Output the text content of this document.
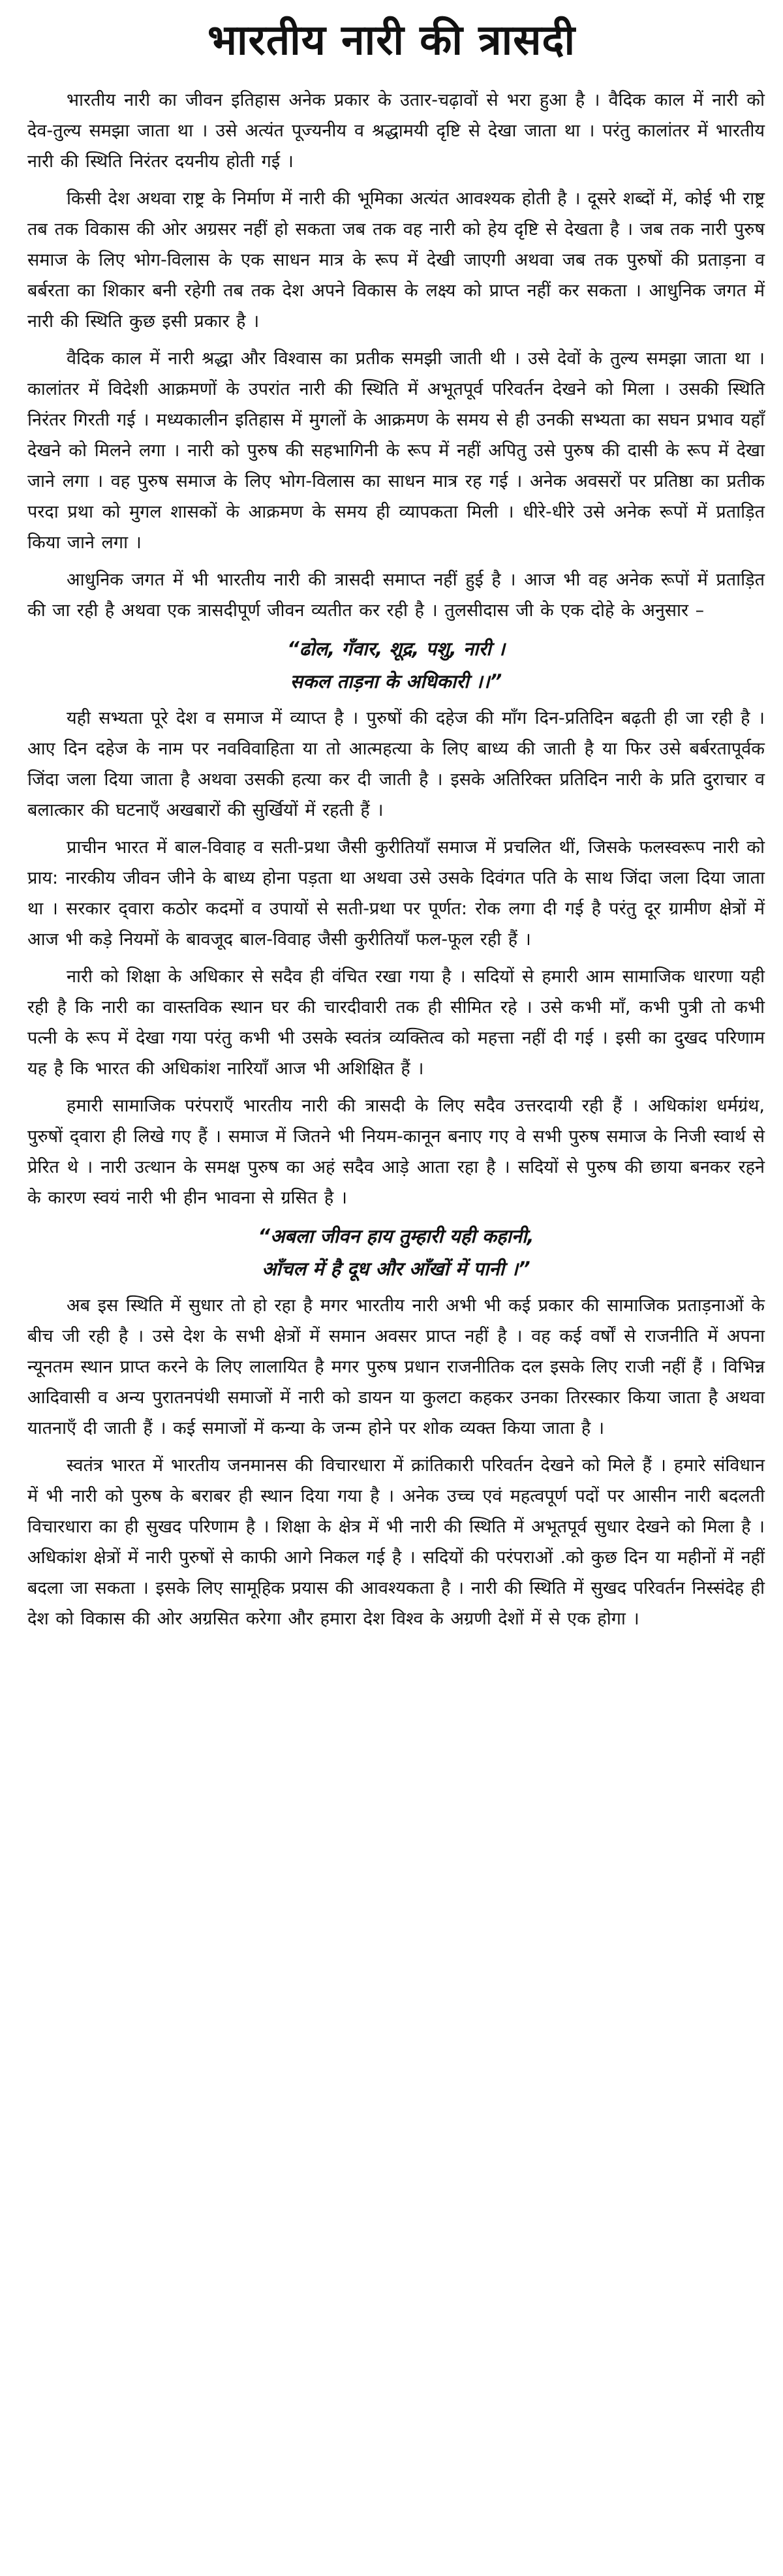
भारतीय नारी की त्रासदी

भारतीय नारी का जीवन इतिहास अनेक प्रकार के उतार-चढ़ावों से भरा हुआ है । वैदिक काल में नारी को देव-तुल्य समझा जाता था । उसे अत्यंत पूज्यनीय व श्रद्धामयी दृष्टि से देखा जाता था । परंतु कालांतर में भारतीय नारी की स्थिति निरंतर दयनीय होती गई ।

किसी देश अथवा राष्ट्र के निर्माण में नारी की भूमिका अत्यंत आवश्यक होती है । दूसरे शब्दों में, कोई भी राष्ट्र तब तक विकास की ओर अग्रसर नहीं हो सकता जब तक वह नारी को हेय दृष्टि से देखता है । जब तक नारी पुरुष समाज के लिए भोग-विलास के एक साधन मात्र के रूप में देखी जाएगी अथवा जब तक पुरुषों की प्रताड़ना व बर्बरता का शिकार बनी रहेगी तब तक देश अपने विकास के लक्ष्य को प्राप्त नहीं कर सकता । आधुनिक जगत में नारी की स्थिति कुछ इसी प्रकार है ।

वैदिक काल में नारी श्रद्धा और विश्वास का प्रतीक समझी जाती थी । उसे देवों के तुल्य समझा जाता था । कालांतर में विदेशी आक्रमणों के उपरांत नारी की स्थिति में अभूतपूर्व परिवर्तन देखने को मिला । उसकी स्थिति निरंतर गिरती गई । मध्यकालीन इतिहास में मुगलों के आक्रमण के समय से ही उनकी सभ्यता का सघन प्रभाव यहाँ देखने को मिलने लगा । नारी को पुरुष की सहभागिनी के रूप में नहीं अपितु उसे पुरुष की दासी के रूप में देखा जाने लगा । वह पुरुष समाज के लिए भोग-विलास का साधन मात्र रह गई । अनेक अवसरों पर प्रतिष्ठा का प्रतीक परदा प्रथा को मुगल शासकों के आक्रमण के समय ही व्यापकता मिली । धीरे-धीरे उसे अनेक रूपों में प्रताड़ित किया जाने लगा ।

आधुनिक जगत में भी भारतीय नारी की त्रासदी समाप्त नहीं हुई है । आज भी वह अनेक रूपों में प्रताड़ित की जा रही है अथवा एक त्रासदीपूर्ण जीवन व्यतीत कर रही है । तुलसीदास जी के एक दोहे के अनुसार –

“ढोल, गँवार, शूद्र, पशु, नारी ।
सकल ताड़ना के अधिकारी ।।”

यही सभ्यता पूरे देश व समाज में व्याप्त है । पुरुषों की दहेज की माँग दिन-प्रतिदिन बढ़ती ही जा रही है । आए दिन दहेज के नाम पर नवविवाहिता या तो आत्महत्या के लिए बाध्य की जाती है या फिर उसे बर्बरतापूर्वक जिंदा जला दिया जाता है अथवा उसकी हत्या कर दी जाती है । इसके अतिरिक्त प्रतिदिन नारी के प्रति दुराचार व बलात्कार की घटनाएँ अखबारों की सुर्खियों में रहती हैं ।

प्राचीन भारत में बाल-विवाह व सती-प्रथा जैसी कुरीतियाँ समाज में प्रचलित थीं, जिसके फलस्वरूप नारी को प्राय: नारकीय जीवन जीने के बाध्य होना पड़ता था अथवा उसे उसके दिवंगत पति के साथ जिंदा जला दिया जाता था । सरकार द्‌वारा कठोर कदमों व उपायों से सती-प्रथा पर पूर्णत: रोक लगा दी गई है परंतु दूर ग्रामीण क्षेत्रों में आज भी कड़े नियमों के बावजूद बाल-विवाह जैसी कुरीतियाँ फल-फूल रही हैं ।

नारी को शिक्षा के अधिकार से सदैव ही वंचित रखा गया है । सदियों से हमारी आम सामाजिक धारणा यही रही है कि नारी का वास्तविक स्थान घर की चारदीवारी तक ही सीमित रहे । उसे कभी माँ, कभी पुत्री तो कभी पत्नी के रूप में देखा गया परंतु कभी भी उसके स्वतंत्र व्यक्तित्व को महत्ता नहीं दी गई । इसी का दुखद परिणाम यह है कि भारत की अधिकांश नारियाँ आज भी अशिक्षित हैं ।

हमारी सामाजिक परंपराएँ भारतीय नारी की त्रासदी के लिए सदैव उत्तरदायी रही हैं । अधिकांश धर्मग्रंथ, पुरुषों द्‌वारा ही लिखे गए हैं । समाज में जितने भी नियम-कानून बनाए गए वे सभी पुरुष समाज के निजी स्वार्थ से प्रेरित थे । नारी उत्थान के समक्ष पुरुष का अहं सदैव आड़े आता रहा है । सदियों से पुरुष की छाया बनकर रहने के कारण स्वयं नारी भी हीन भावना से ग्रसित है ।

“अबला जीवन हाय तुम्हारी यही कहानी,
आँचल में है दूध और आँखों में पानी ।”

अब इस स्थिति में सुधार तो हो रहा है मगर भारतीय नारी अभी भी कई प्रकार की सामाजिक प्रताड़नाओं के बीच जी रही है । उसे देश के सभी क्षेत्रों में समान अवसर प्राप्त नहीं है । वह कई वर्षों से राजनीति में अपना न्यूनतम स्थान प्राप्त करने के लिए लालायित है मगर पुरुष प्रधान राजनीतिक दल इसके लिए राजी नहीं हैं । विभिन्न आदिवासी व अन्य पुरातनपंथी समाजों में नारी को डायन या कुलटा कहकर उनका तिरस्कार किया जाता है अथवा यातनाएँ दी जाती हैं । कई समाजों में कन्या के जन्म होने पर शोक व्यक्त किया जाता है ।

स्वतंत्र भारत में भारतीय जनमानस की विचारधारा में क्रांतिकारी परिवर्तन देखने को मिले हैं । हमारे संविधान में भी नारी को पुरुष के बराबर ही स्थान दिया गया है । अनेक उच्च एवं महत्वपूर्ण पदों पर आसीन नारी बदलती विचारधारा का ही सुखद परिणाम है । शिक्षा के क्षेत्र में भी नारी की स्थिति में अभूतपूर्व सुधार देखने को मिला है । अधिकांश क्षेत्रों में नारी पुरुषों से काफी आगे निकल गई है । सदियों की परंपराओं .को कुछ दिन या महीनों में नहीं बदला जा सकता । इसके लिए सामूहिक प्रयास की आवश्यकता है । नारी की स्थिति में सुखद परिवर्तन निस्संदेह ही देश को विकास की ओर अग्रसित करेगा और हमारा देश विश्व के अग्रणी देशों में से एक होगा ।
